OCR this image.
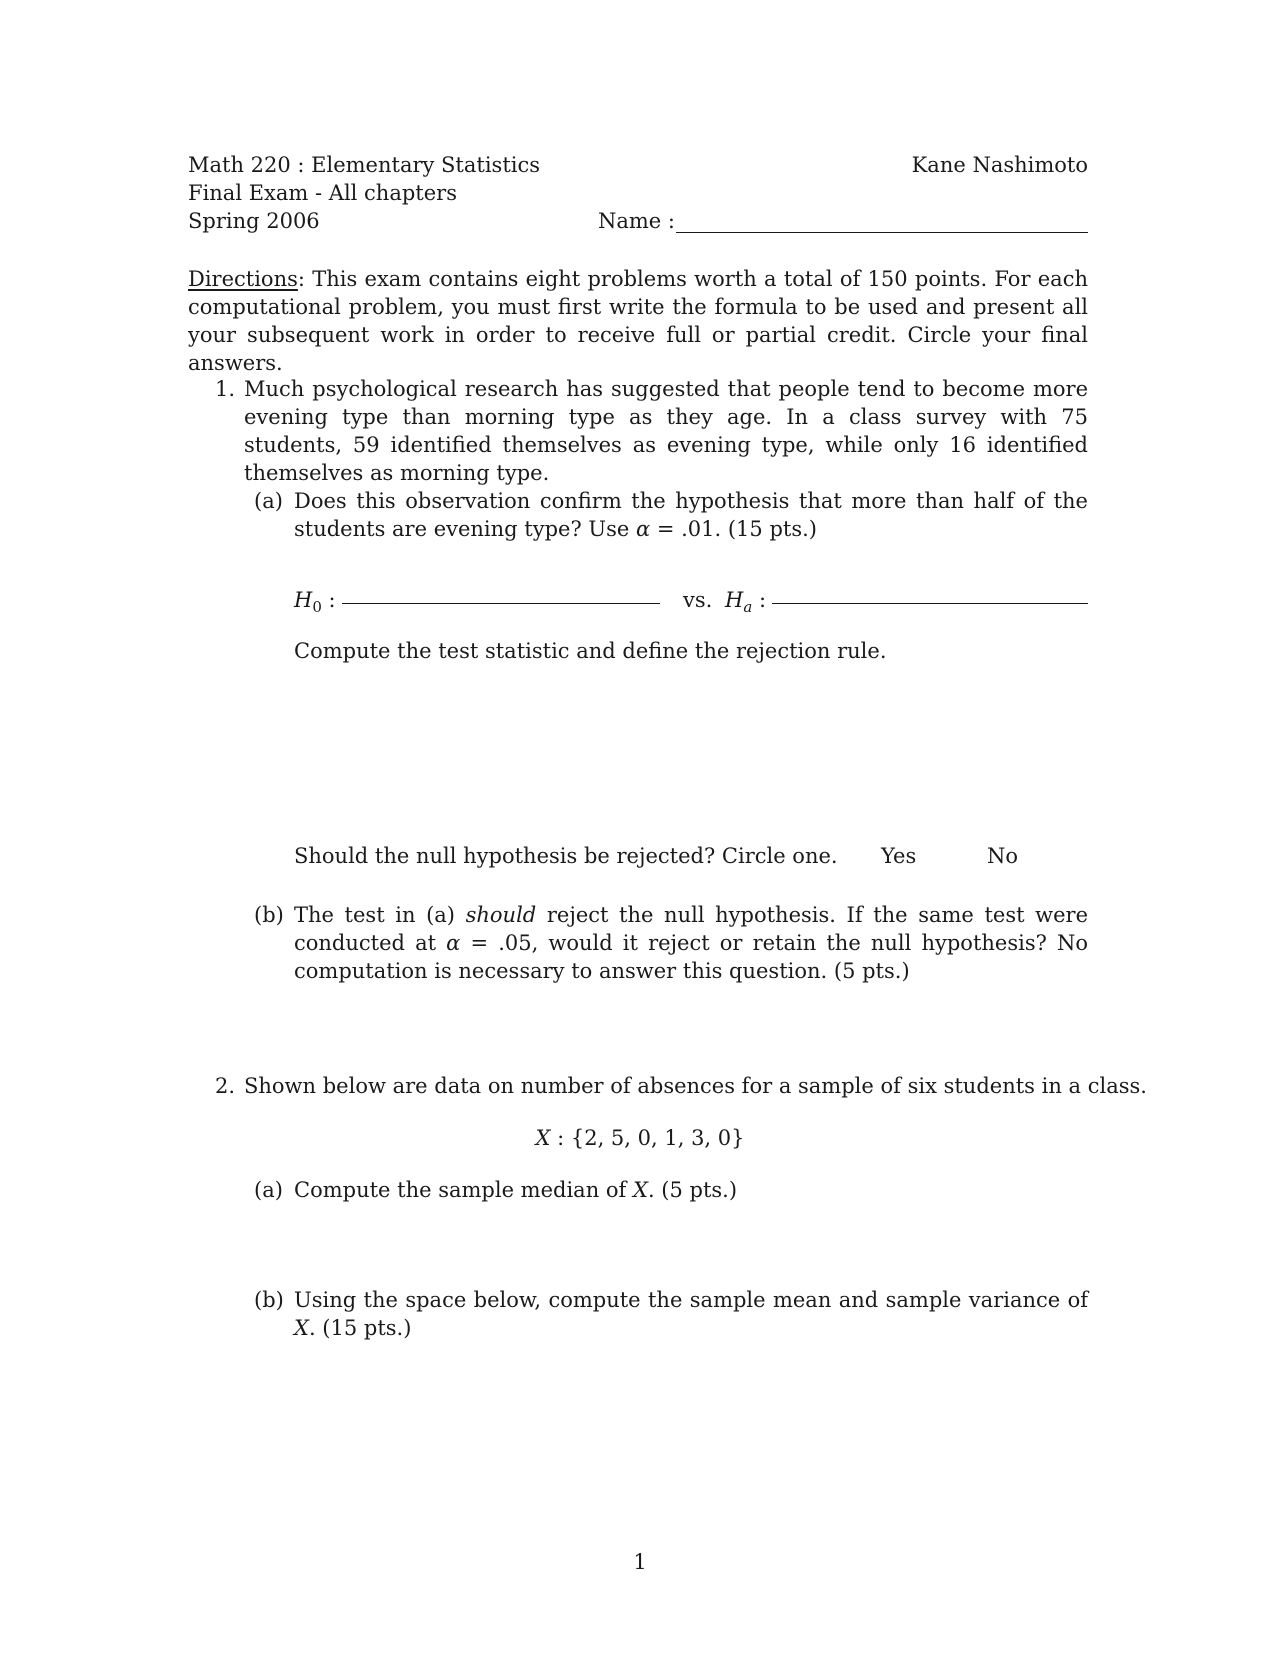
Math 220 : Elementary Statistics
Final Exam - All chapters
Spring 2006
Kane Nashimoto
Name :
Directions: This exam contains eight problems worth a total of 150 points. For each computational problem, you must first write the formula to be used and present all your subsequent work in order to receive full or partial credit. Circle your final answers.
1. Much psychological research has suggested that people tend to become more evening type than morning type as they age. In a class survey with 75 students, 59 identified themselves as evening type, while only 16 identified themselves as morning type.
(a) Does this observation confirm the hypothesis that more than half of the students are evening type? Use α = .01. (15 pts.)
$H_0$ :	vs. $H_a$ :
Compute the test statistic and define the rejection rule.
Should the null hypothesis be rejected? Circle one. Yes	No
(b) The test in (a) should reject the null hypothesis. If the same test were conducted at α = .05, would it reject or retain the null hypothesis? No computation is necessary to answer this question. (5 pts.)
2. Shown below are data on number of absences for a sample of six students in a class.
X : {2, 5, 0, 1, 3, 0}
(a) Compute the sample median of X. (5 pts.)
(b) Using the space below, compute the sample mean and sample variance of X. (15 pts.)
1
